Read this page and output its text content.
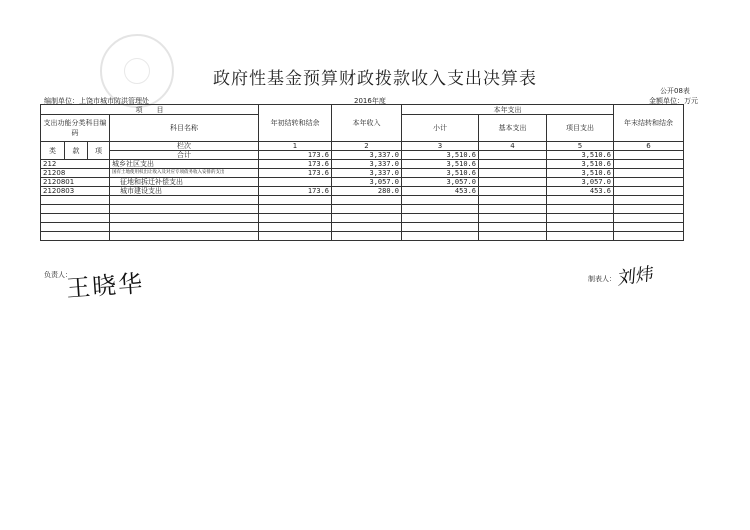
政府性基金预算财政拨款收入支出决算表
公开08表
编制单位：上饶市城市防洪管理处	2016年度	金额单位：万元
项　　目				年初结转和结余	本年收入	本年支出			年末结转和结余
支出功能分类科目编码			科目名称			小计	基本支出	项目支出	

类	款	项	栏次	1	2	3	4	5	6
			合计	173.6	3,337.0	3,510.6		3,510.6	
212			城乡社区支出	173.6	3,337.0	3,510.6		3,510.6	
21208			国有土地使用权出让收入及对应专项债务收入安排的支出	173.6	3,337.0	3,510.6		3,510.6	
2120801			征地和拆迁补偿支出		3,057.0	3,057.0		3,057.0	
2120803			城市建设支出	173.6	280.0	453.6		453.6	

负责人：
王晓华	制表人： 刘炜
